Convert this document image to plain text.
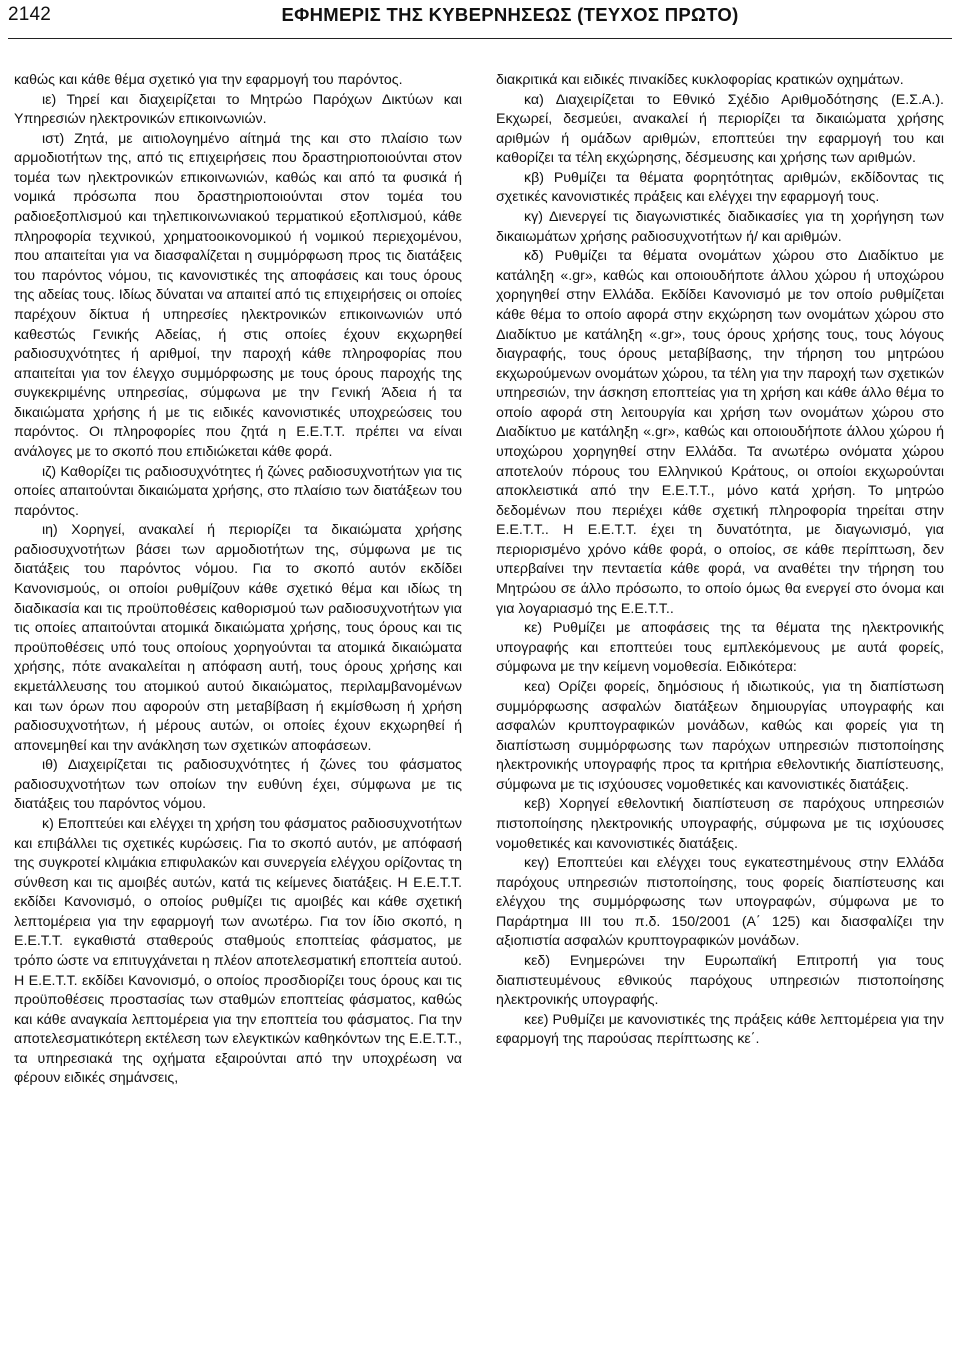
2142	ΕΦΗΜΕΡΙΣ ΤΗΣ ΚΥΒΕΡΝΗΣΕΩΣ (ΤΕΥΧΟΣ ΠΡΩΤΟ)

καθώς και κάθε θέμα σχετικό για την εφαρμογή του παρόντος.

ιε) Τηρεί και διαχειρίζεται το Μητρώο Παρόχων Δικτύων και Υπηρεσιών ηλεκτρονικών επικοινωνιών.

ιστ) Ζητά, με αιτιολογημένο αίτημά της και στο πλαίσιο των αρμοδιοτήτων της, από τις επιχειρήσεις που δραστηριοποιούνται στον τομέα των ηλεκτρονικών επικοινωνιών, καθώς και από τα φυσικά ή νομικά πρόσωπα που δραστηριοποιούνται στον τομέα του ραδιοεξοπλισμού και τηλεπικοινωνιακού τερματικού εξοπλισμού, κάθε πληροφορία τεχνικού, χρηματοοικονομικού ή νομικού περιεχομένου, που απαιτείται για να διασφαλίζεται η συμμόρφωση προς τις διατάξεις του παρόντος νόμου, τις κανονιστικές της αποφάσεις και τους όρους της αδείας τους. Ιδίως δύναται να απαιτεί από τις επιχειρήσεις οι οποίες παρέχουν δίκτυα ή υπηρεσίες ηλεκτρονικών επικοινωνιών υπό καθεστώς Γενικής Αδείας, ή στις οποίες έχουν εκχωρηθεί ραδιοσυχνότητες ή αριθμοί, την παροχή κάθε πληροφορίας που απαιτείται για τον έλεγχο συμμόρφωσης με τους όρους παροχής της συγκεκριμένης υπηρεσίας, σύμφωνα με την Γενική Άδεια ή τα δικαιώματα χρήσης ή με τις ειδικές κανονιστικές υποχρεώσεις του παρόντος. Οι πληροφορίες που ζητά η Ε.Ε.Τ.Τ. πρέπει να είναι ανάλογες με το σκοπό που επιδιώκεται κάθε φορά.

ιζ) Καθορίζει τις ραδιοσυχνότητες ή ζώνες ραδιοσυχνοτήτων για τις οποίες απαιτούνται δικαιώματα χρήσης, στο πλαίσιο των διατάξεων του παρόντος.

ιη) Χορηγεί, ανακαλεί ή περιορίζει τα δικαιώματα χρήσης ραδιοσυχνοτήτων βάσει των αρμοδιοτήτων της, σύμφωνα με τις διατάξεις του παρόντος νόμου. Για το σκοπό αυτόν εκδίδει Κανονισμούς, οι οποίοι ρυθμίζουν κάθε σχετικό θέμα και ιδίως τη διαδικασία και τις προϋποθέσεις καθορισμού των ραδιοσυχνοτήτων για τις οποίες απαιτούνται ατομικά δικαιώματα χρήσης, τους όρους και τις προϋποθέσεις υπό τους οποίους χορηγούνται τα ατομικά δικαιώματα χρήσης, πότε ανακαλείται η απόφαση αυτή, τους όρους χρήσης και εκμετάλλευσης του ατομικού αυτού δικαιώματος, περιλαμβανομένων και των όρων που αφορούν στη μεταβίβαση ή εκμίσθωση ή χρήση ραδιοσυχνοτήτων, ή μέρους αυτών, οι οποίες έχουν εκχωρηθεί ή απονεμηθεί και την ανάκληση των σχετικών αποφάσεων.

ιθ) Διαχειρίζεται τις ραδιοσυχνότητες ή ζώνες του φάσματος ραδιοσυχνοτήτων των οποίων την ευθύνη έχει, σύμφωνα με τις διατάξεις του παρόντος νόμου.

κ) Εποπτεύει και ελέγχει τη χρήση του φάσματος ραδιοσυχνοτήτων και επιβάλλει τις σχετικές κυρώσεις. Για το σκοπό αυτόν, με απόφασή της συγκροτεί κλιμάκια επιφυλακών και συνεργεία ελέγχου ορίζοντας τη σύνθεση και τις αμοιβές αυτών, κατά τις κείμενες διατάξεις. Η Ε.Ε.Τ.Τ. εκδίδει Κανονισμό, ο οποίος ρυθμίζει τις αμοιβές και κάθε σχετική λεπτομέρεια για την εφαρμογή των ανωτέρω. Για τον ίδιο σκοπό, η Ε.Ε.Τ.Τ. εγκαθιστά σταθερούς σταθμούς εποπτείας φάσματος, με τρόπο ώστε να επιτυγχάνεται η πλέον αποτελεσματική εποπτεία αυτού. Η Ε.Ε.Τ.Τ. εκδίδει Κανονισμό, ο οποίος προσδιορίζει τους όρους και τις προϋποθέσεις προστασίας των σταθμών εποπτείας φάσματος, καθώς και κάθε αναγκαία λεπτομέρεια για την εποπτεία του φάσματος. Για την αποτελεσματικότερη εκτέλεση των ελεγκτικών καθηκόντων της Ε.Ε.Τ.Τ., τα υπηρεσιακά της οχήματα εξαιρούνται από την υποχρέωση να φέρουν ειδικές σημάνσεις,

διακριτικά και ειδικές πινακίδες κυκλοφορίας κρατικών οχημάτων.

κα) Διαχειρίζεται το Εθνικό Σχέδιο Αριθμοδότησης (Ε.Σ.Α.). Εκχωρεί, δεσμεύει, ανακαλεί ή περιορίζει τα δικαιώματα χρήσης αριθμών ή ομάδων αριθμών, εποπτεύει την εφαρμογή του και καθορίζει τα τέλη εκχώρησης, δέσμευσης και χρήσης των αριθμών.

κβ) Ρυθμίζει τα θέματα φορητότητας αριθμών, εκδίδοντας τις σχετικές κανονιστικές πράξεις και ελέγχει την εφαρμογή τους.

κγ) Διενεργεί τις διαγωνιστικές διαδικασίες για τη χορήγηση των δικαιωμάτων χρήσης ραδιοσυχνοτήτων ή/ και αριθμών.

κδ) Ρυθμίζει τα θέματα ονομάτων χώρου στο Διαδίκτυο με κατάληξη «.gr», καθώς και οποιουδήποτε άλλου χώρου ή υποχώρου χορηγηθεί στην Ελλάδα. Εκδίδει Κανονισμό με τον οποίο ρυθμίζεται κάθε θέμα το οποίο αφορά στην εκχώρηση των ονομάτων χώρου στο Διαδίκτυο με κατάληξη «.gr», τους όρους χρήσης τους, τους λόγους διαγραφής, τους όρους μεταβίβασης, την τήρηση του μητρώου εκχωρούμενων ονομάτων χώρου, τα τέλη για την παροχή των σχετικών υπηρεσιών, την άσκηση εποπτείας για τη χρήση και κάθε άλλο θέμα το οποίο αφορά στη λειτουργία και χρήση των ονομάτων χώρου στο Διαδίκτυο με κατάληξη «.gr», καθώς και οποιουδήποτε άλλου χώρου ή υποχώρου χορηγηθεί στην Ελλάδα. Τα ανωτέρω ονόματα χώρου αποτελούν πόρους του Ελληνικού Κράτους, οι οποίοι εκχωρούνται αποκλειστικά από την Ε.Ε.Τ.Τ., μόνο κατά χρήση. Το μητρώο δεδομένων που περιέχει κάθε σχετική πληροφορία τηρείται στην Ε.Ε.Τ.Τ.. Η Ε.Ε.Τ.Τ. έχει τη δυνατότητα, με διαγωνισμό, για περιορισμένο χρόνο κάθε φορά, ο οποίος, σε κάθε περίπτωση, δεν υπερβαίνει την πενταετία κάθε φορά, να αναθέτει την τήρηση του Μητρώου σε άλλο πρόσωπο, το οποίο όμως θα ενεργεί στο όνομα και για λογαριασμό της Ε.Ε.Τ.Τ..

κε) Ρυθμίζει με αποφάσεις της τα θέματα της ηλεκτρονικής υπογραφής και εποπτεύει τους εμπλεκόμενους με αυτά φορείς, σύμφωνα με την κείμενη νομοθεσία. Ειδικότερα:

κεα) Ορίζει φορείς, δημόσιους ή ιδιωτικούς, για τη διαπίστωση συμμόρφωσης ασφαλών διατάξεων δημιουργίας υπογραφής και ασφαλών κρυπτογραφικών μονάδων, καθώς και φορείς για τη διαπίστωση συμμόρφωσης των παρόχων υπηρεσιών πιστοποίησης ηλεκτρονικής υπογραφής προς τα κριτήρια εθελοντικής διαπίστευσης, σύμφωνα με τις ισχύουσες νομοθετικές και κανονιστικές διατάξεις.

κεβ) Χορηγεί εθελοντική διαπίστευση σε παρόχους υπηρεσιών πιστοποίησης ηλεκτρονικής υπογραφής, σύμφωνα με τις ισχύουσες νομοθετικές και κανονιστικές διατάξεις.

κεγ) Εποπτεύει και ελέγχει τους εγκατεστημένους στην Ελλάδα παρόχους υπηρεσιών πιστοποίησης, τους φορείς διαπίστευσης και ελέγχου της συμμόρφωσης των υπογραφών, σύμφωνα με το Παράρτημα ΙΙΙ του π.δ. 150/2001 (Α΄ 125) και διασφαλίζει την αξιοπιστία ασφαλών κρυπτογραφικών μονάδων.

κεδ) Ενημερώνει την Ευρωπαϊκή Επιτροπή για τους διαπιστευμένους εθνικούς παρόχους υπηρεσιών πιστοποίησης ηλεκτρονικής υπογραφής.

κεε) Ρυθμίζει με κανονιστικές της πράξεις κάθε λεπτομέρεια για την εφαρμογή της παρούσας περίπτωσης κε΄.
